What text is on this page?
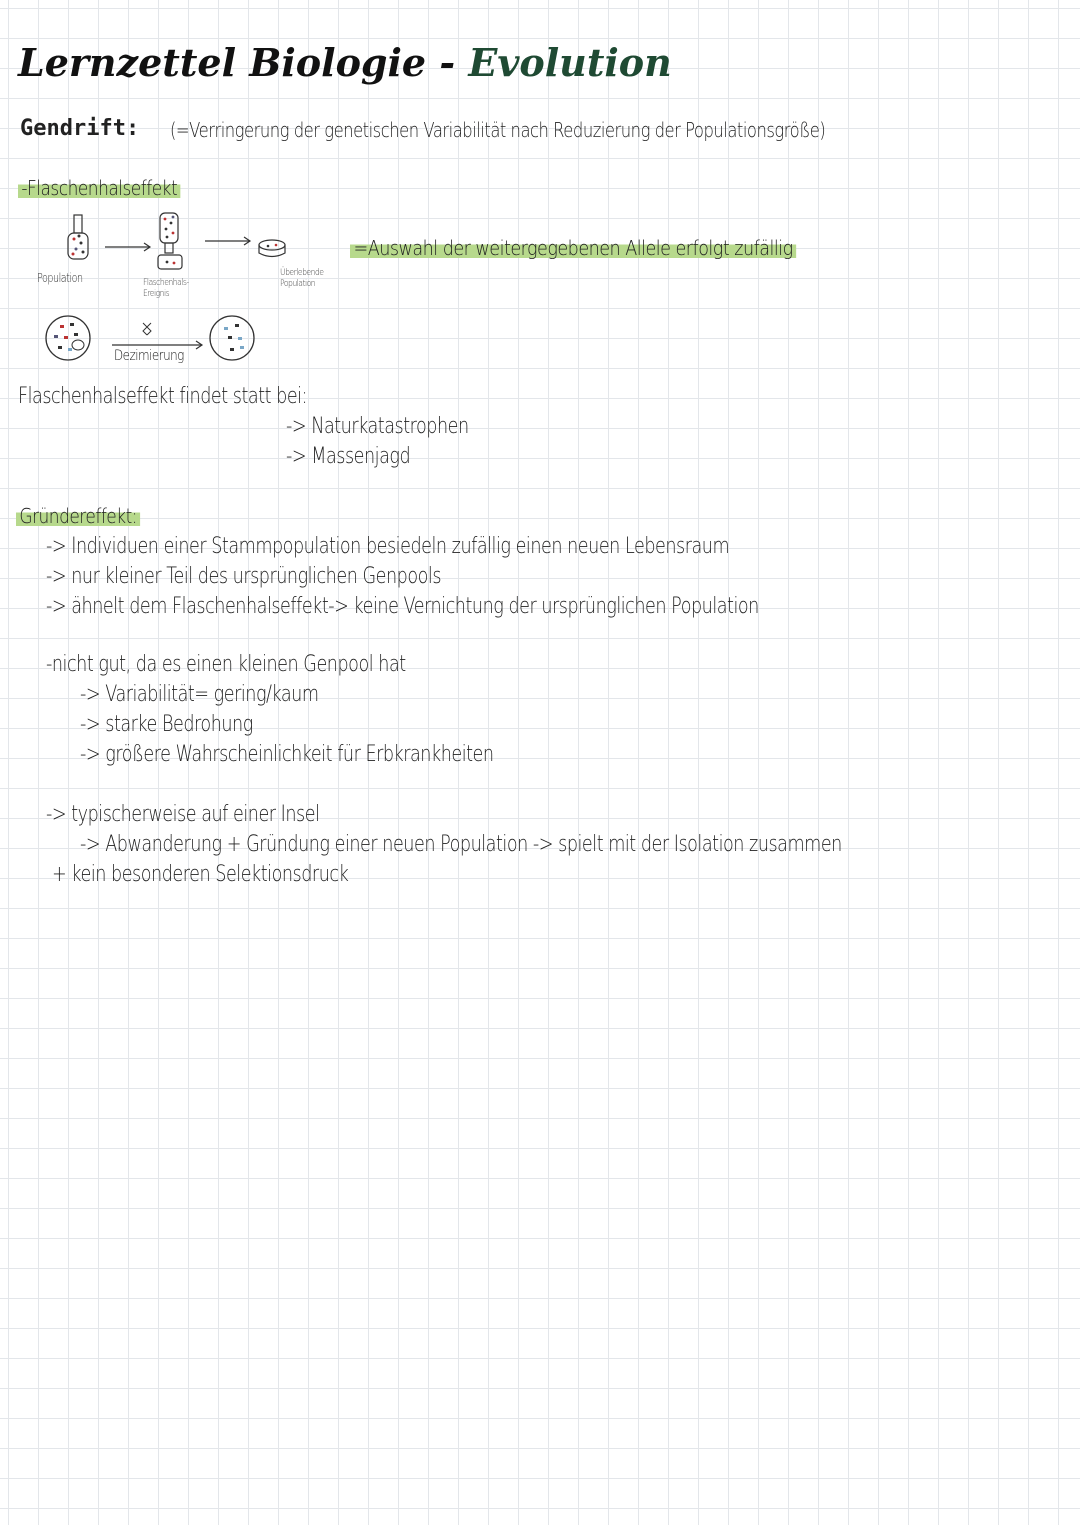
Lernzettel Biologie - Evolution
Gendrift: (=Verringerung der genetischen Variabilität nach Reduzierung der Populationsgröße)
-Flaschenhalseffekt
=Auswahl der weitergegebenen Allele erfolgt zufällig
Population	Flaschenhals-
Ereignis
Überlebende
Population
Dezimierung
Flaschenhalseffekt findet statt bei:
-> Naturkatastrophen
-> Massenjagd
Gründereffekt:
-> Individuen einer Stammpopulation besiedeln zufällig einen neuen Lebensraum
-> nur kleiner Teil des ursprünglichen Genpools
-> ähnelt dem Flaschenhalseffekt-> keine Vernichtung der ursprünglichen Population
-nicht gut, da es einen kleinen Genpool hat
-> Variabilität= gering/kaum
-> starke Bedrohung
-> größere Wahrscheinlichkeit für Erbkrankheiten
-> typischerweise auf einer Insel
-> Abwanderung + Gründung einer neuen Population -> spielt mit der Isolation zusammen
+ kein besonderen Selektionsdruck
